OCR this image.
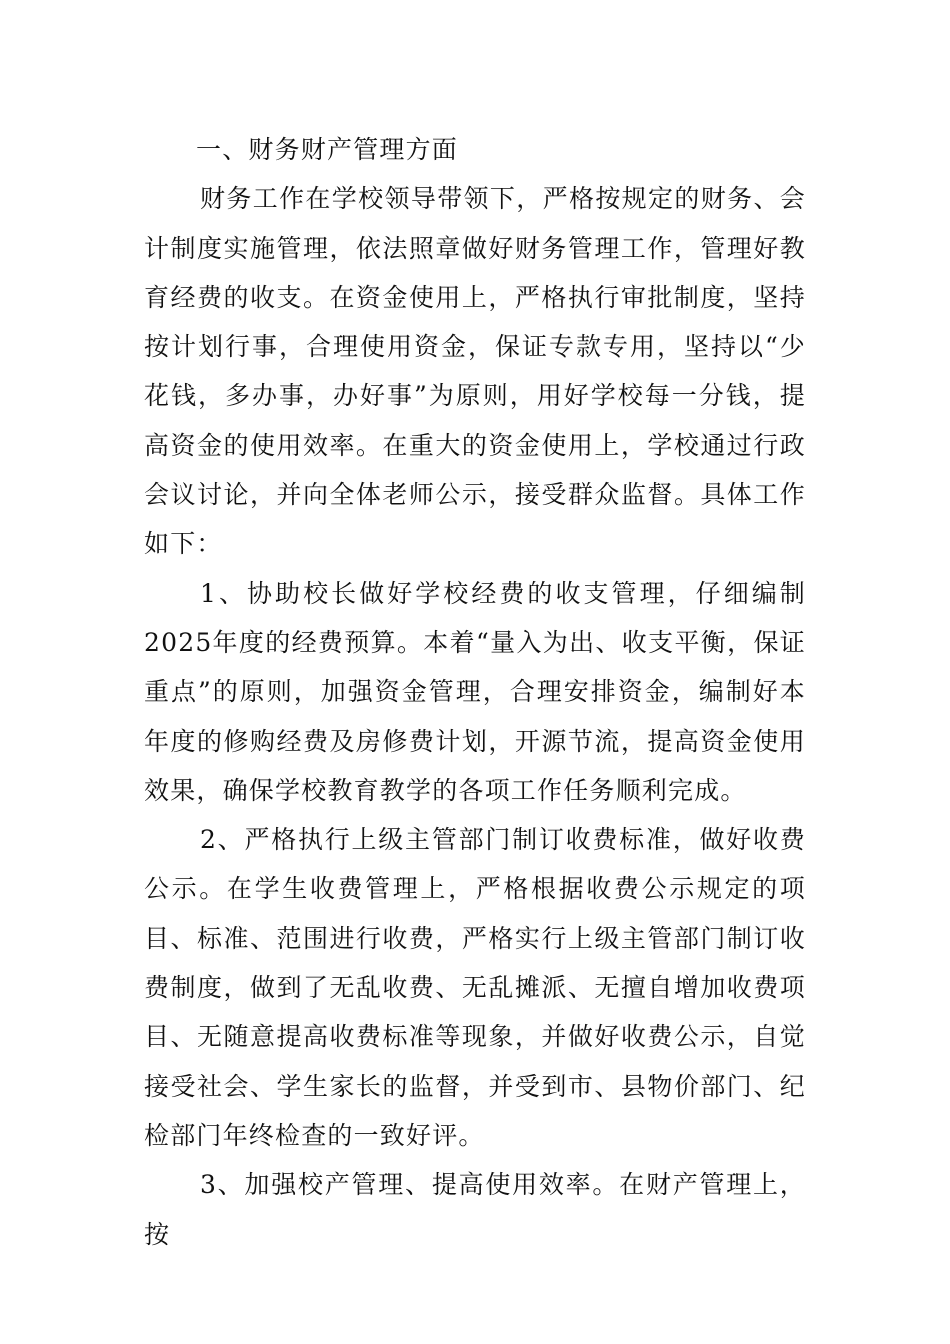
一、财务财产管理方面

财务工作在学校领导带领下，严格按规定的财务、会计制度实施管理，依法照章做好财务管理工作，管理好教育经费的收支。在资金使用上，严格执行审批制度，坚持按计划行事，合理使用资金，保证专款专用，坚持以“少花钱，多办事，办好事”为原则，用好学校每一分钱，提高资金的使用效率。在重大的资金使用上，学校通过行政会议讨论，并向全体老师公示，接受群众监督。具体工作如下：

1、协助校长做好学校经费的收支管理，仔细编制2025年度的经费预算。本着“量入为出、收支平衡，保证重点”的原则，加强资金管理，合理安排资金，编制好本年度的修购经费及房修费计划，开源节流，提高资金使用效果，确保学校教育教学的各项工作任务顺利完成。

2、严格执行上级主管部门制订收费标准，做好收费公示。在学生收费管理上，严格根据收费公示规定的项目、标准、范围进行收费，严格实行上级主管部门制订收费制度，做到了无乱收费、无乱摊派、无擅自增加收费项目、无随意提高收费标准等现象，并做好收费公示，自觉接受社会、学生家长的监督，并受到市、县物价部门、纪检部门年终检查的一致好评。

3、加强校产管理、提高使用效率。在财产管理上，按
